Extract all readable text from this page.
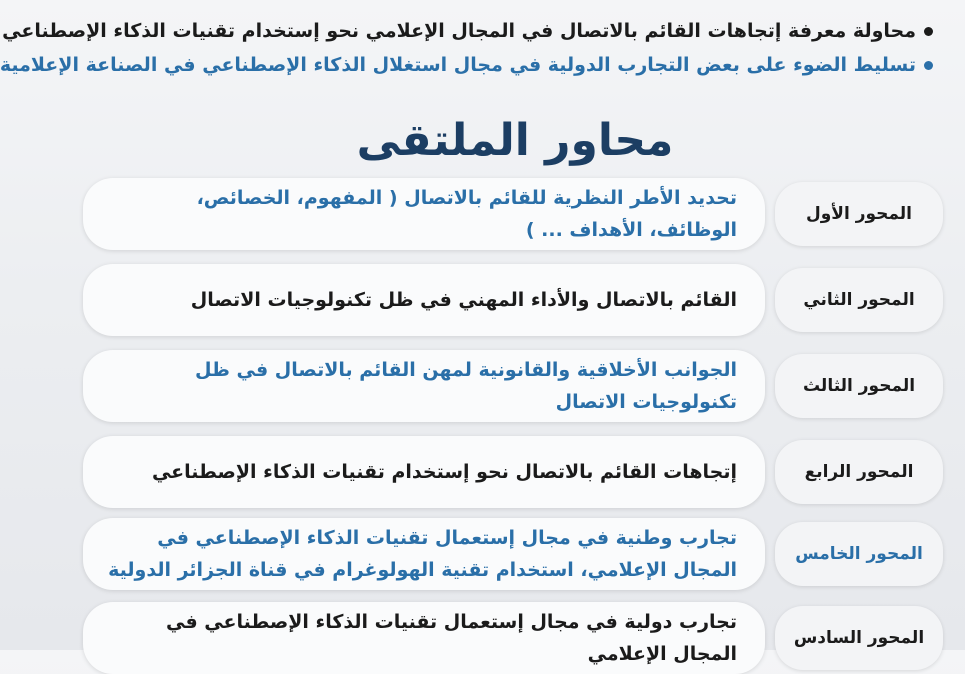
محاولة معرفة إتجاهات القائم بالاتصال في المجال الإعلامي نحو إستخدام تقنيات الذكاء الإصطناعي
تسليط الضوء على بعض التجارب الدولية في مجال استغلال الذكاء الإصطناعي في الصناعة الإعلامية
محاور الملتقى
المحور الأول
تحديد الأطر النظرية للقائم بالاتصال ( المفهوم، الخصائص، الوظائف، الأهداف ... )
المحور الثاني
القائم بالاتصال والأداء المهني في ظل تكنولوجيات الاتصال
المحور الثالث
الجوانب الأخلاقية والقانونية لمهن القائم بالاتصال في ظل تكنولوجيات الاتصال
المحور الرابع
إتجاهات القائم بالاتصال نحو إستخدام تقنيات الذكاء الإصطناعي
المحور الخامس
تجارب وطنية في مجال إستعمال تقنيات الذكاء الإصطناعي في المجال الإعلامي، استخدام تقنية الهولوغرام في قناة الجزائر الدولية
المحور السادس
تجارب دولية في مجال إستعمال تقنيات الذكاء الإصطناعي في المجال الإعلامي
